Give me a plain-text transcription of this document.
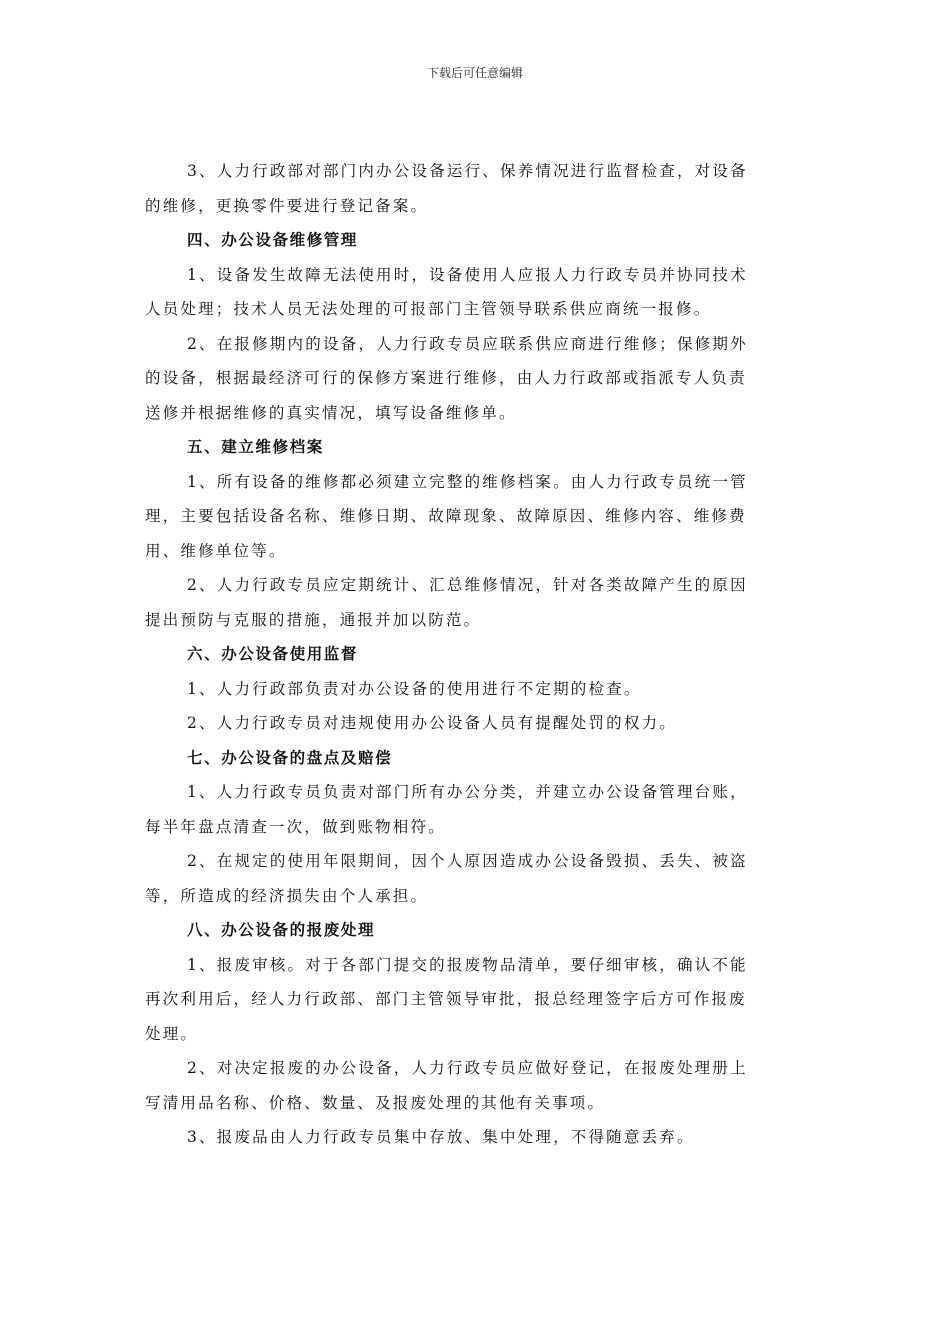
下载后可任意编辑
3、人力行政部对部门内办公设备运行、保养情况进行监督检查，对设备
的维修，更换零件要进行登记备案。
四、办公设备维修管理
1、设备发生故障无法使用时，设备使用人应报人力行政专员并协同技术
人员处理；技术人员无法处理的可报部门主管领导联系供应商统一报修。
2、在报修期内的设备，人力行政专员应联系供应商进行维修；保修期外
的设备，根据最经济可行的保修方案进行维修，由人力行政部或指派专人负责
送修并根据维修的真实情况，填写设备维修单。
五、建立维修档案
1、所有设备的维修都必须建立完整的维修档案。由人力行政专员统一管
理，主要包括设备名称、维修日期、故障现象、故障原因、维修内容、维修费
用、维修单位等。
2、人力行政专员应定期统计、汇总维修情况，针对各类故障产生的原因
提出预防与克服的措施，通报并加以防范。
六、办公设备使用监督
1、人力行政部负责对办公设备的使用进行不定期的检查。
2、人力行政专员对违规使用办公设备人员有提醒处罚的权力。
七、办公设备的盘点及赔偿
1、人力行政专员负责对部门所有办公分类，并建立办公设备管理台账，
每半年盘点清查一次，做到账物相符。
2、在规定的使用年限期间，因个人原因造成办公设备毁损、丢失、被盗
等，所造成的经济损失由个人承担。
八、办公设备的报废处理
1、报废审核。对于各部门提交的报废物品清单，要仔细审核，确认不能
再次利用后，经人力行政部、部门主管领导审批，报总经理签字后方可作报废
处理。
2、对决定报废的办公设备，人力行政专员应做好登记，在报废处理册上
写清用品名称、价格、数量、及报废处理的其他有关事项。
3、报废品由人力行政专员集中存放、集中处理，不得随意丢弃。
